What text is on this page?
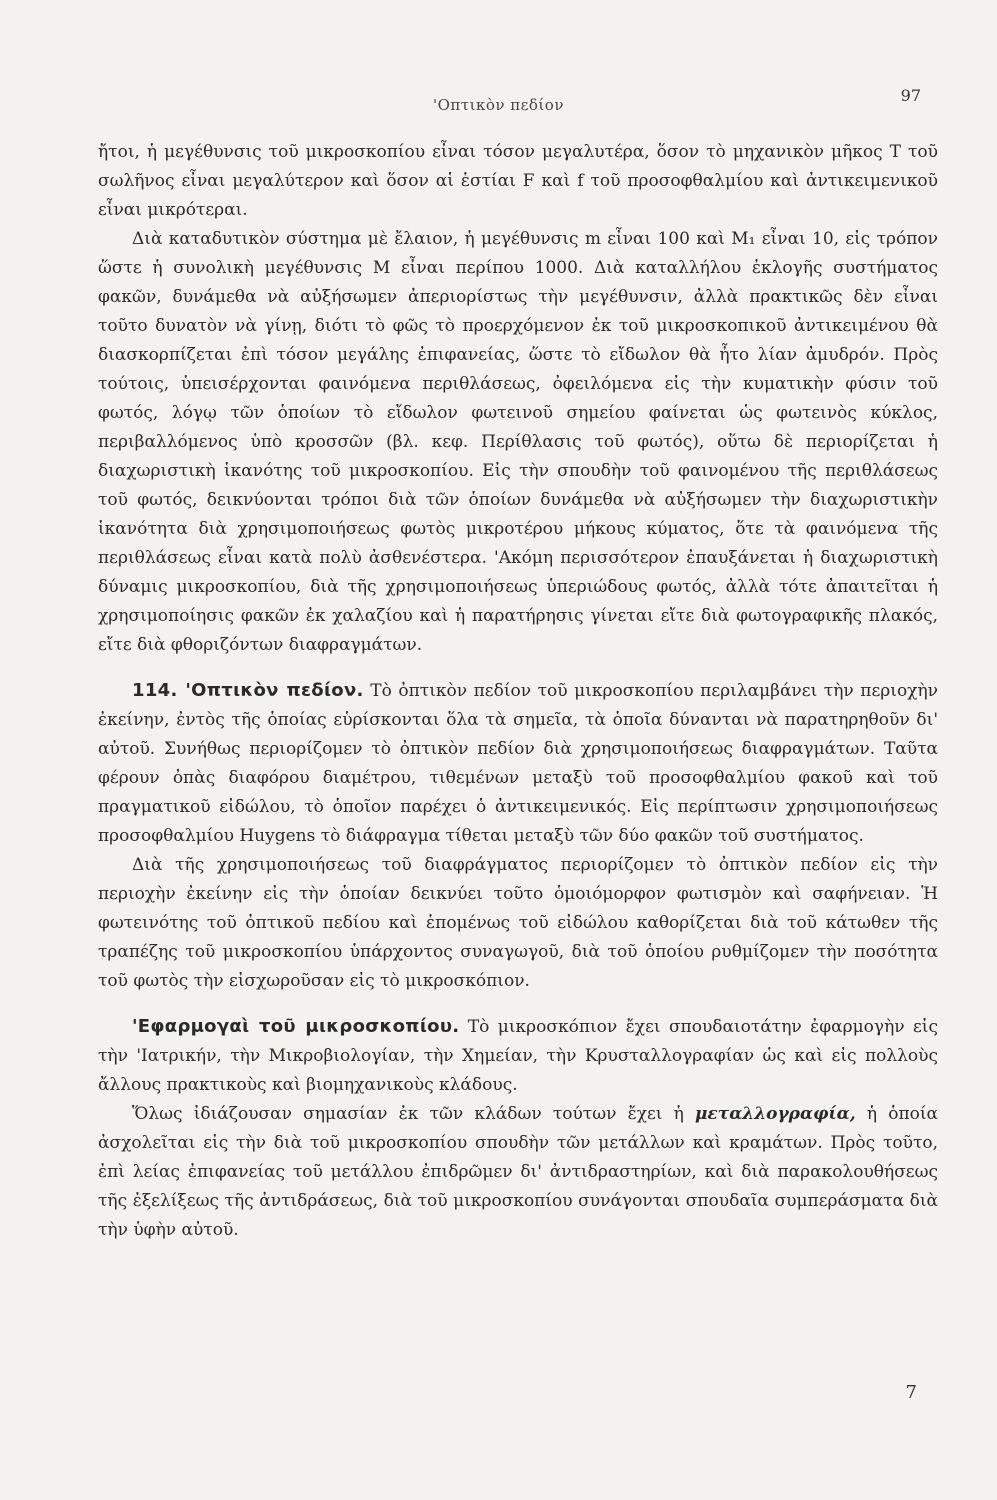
'Οπτικὸν πεδίον	97

ἤτοι, ἡ μεγέθυνσις τοῦ μικροσκοπίου εἶναι τόσον μεγαλυτέρα, ὅσον τὸ μηχανικὸν μῆκος Τ τοῦ σωλῆνος εἶναι μεγαλύτερον καὶ ὅσον αἱ ἑστίαι F καὶ f τοῦ προσοφθαλμίου καὶ ἀντικειμενικοῦ εἶναι μικρότεραι.

Διὰ καταδυτικὸν σύστημα μὲ ἔλαιον, ἡ μεγέθυνσις m εἶναι 100 καὶ M₁ εἶναι 10, εἰς τρόπον ὥστε ἡ συνολικὴ μεγέθυνσις M εἶναι περίπου 1000. Διὰ καταλλήλου ἐκλογῆς συστήματος φακῶν, δυνάμεθα νὰ αὐξήσωμεν ἀπεριορίστως τὴν μεγέθυνσιν, ἀλλὰ πρακτικῶς δὲν εἶναι τοῦτο δυνατὸν νὰ γίνῃ, διότι τὸ φῶς τὸ προερχόμενον ἐκ τοῦ μικροσκοπικοῦ ἀντικειμένου θὰ διασκορπίζεται ἐπὶ τόσον μεγάλης ἐπιφανείας, ὥστε τὸ εἴδωλον θὰ ἦτο λίαν ἀμυδρόν. Πρὸς τούτοις, ὑπεισέρχονται φαινόμενα περιθλάσεως, ὀφειλόμενα εἰς τὴν κυματικὴν φύσιν τοῦ φωτός, λόγῳ τῶν ὁποίων τὸ εἴδωλον φωτεινοῦ σημείου φαίνεται ὡς φωτεινὸς κύκλος, περιβαλλόμενος ὑπὸ κροσσῶν (βλ. κεφ. Περίθλασις τοῦ φωτός), οὕτω δὲ περιορίζεται ἡ διαχωριστικὴ ἱκανότης τοῦ μικροσκοπίου. Εἰς τὴν σπουδὴν τοῦ φαινομένου τῆς περιθλάσεως τοῦ φωτός, δεικνύονται τρόποι διὰ τῶν ὁποίων δυνάμεθα νὰ αὐξήσωμεν τὴν διαχωριστικὴν ἱκανότητα διὰ χρησιμοποιήσεως φωτὸς μικροτέρου μήκους κύματος, ὅτε τὰ φαινόμενα τῆς περιθλάσεως εἶναι κατὰ πολὺ ἀσθενέστερα. 'Ακόμη περισσότερον ἐπαυξάνεται ἡ διαχωριστικὴ δύναμις μικροσκοπίου, διὰ τῆς χρησιμοποιήσεως ὑπεριώδους φωτός, ἀλλὰ τότε ἀπαιτεῖται ἡ χρησιμοποίησις φακῶν ἐκ χαλαζίου καὶ ἡ παρατήρησις γίνεται εἴτε διὰ φωτογραφικῆς πλακός, εἴτε διὰ φθοριζόντων διαφραγμάτων.

114. 'Οπτικὸν πεδίον. Τὸ ὀπτικὸν πεδίον τοῦ μικροσκοπίου περιλαμβάνει τὴν περιοχὴν ἐκείνην, ἐντὸς τῆς ὁποίας εὑρίσκονται ὅλα τὰ σημεῖα, τὰ ὁποῖα δύνανται νὰ παρατηρηθοῦν δι' αὐτοῦ. Συνήθως περιορίζομεν τὸ ὀπτικὸν πεδίον διὰ χρησιμοποιήσεως διαφραγμάτων. Ταῦτα φέρουν ὀπὰς διαφόρου διαμέτρου, τιθεμένων μεταξὺ τοῦ προσοφθαλμίου φακοῦ καὶ τοῦ πραγματικοῦ εἰδώλου, τὸ ὁποῖον παρέχει ὁ ἀντικειμενικός. Εἰς περίπτωσιν χρησιμοποιήσεως προσοφθαλμίου Huygens τὸ διάφραγμα τίθεται μεταξὺ τῶν δύο φακῶν τοῦ συστήματος.

Διὰ τῆς χρησιμοποιήσεως τοῦ διαφράγματος περιορίζομεν τὸ ὀπτικὸν πεδίον εἰς τὴν περιοχὴν ἐκείνην εἰς τὴν ὁποίαν δεικνύει τοῦτο ὁμοιόμορφον φωτισμὸν καὶ σαφήνειαν. Ἡ φωτεινότης τοῦ ὀπτικοῦ πεδίου καὶ ἑπομένως τοῦ εἰδώλου καθορίζεται διὰ τοῦ κάτωθεν τῆς τραπέζης τοῦ μικροσκοπίου ὑπάρχοντος συναγωγοῦ, διὰ τοῦ ὁποίου ρυθμίζομεν τὴν ποσότητα τοῦ φωτὸς τὴν εἰσχωροῦσαν εἰς τὸ μικροσκόπιον.

'Εφαρμογαὶ τοῦ μικροσκοπίου. Τὸ μικροσκόπιον ἔχει σπουδαιοτάτην ἐφαρμογὴν εἰς τὴν 'Ιατρικήν, τὴν Μικροβιολογίαν, τὴν Χημείαν, τὴν Κρυσταλλογραφίαν ὡς καὶ εἰς πολλοὺς ἄλλους πρακτικοὺς καὶ βιομηχανικοὺς κλάδους.

Ὅλως ἰδιάζουσαν σημασίαν ἐκ τῶν κλάδων τούτων ἔχει ἡ μεταλλογραφία, ἡ ὁποία ἀσχολεῖται εἰς τὴν διὰ τοῦ μικροσκοπίου σπουδὴν τῶν μετάλλων καὶ κραμάτων. Πρὸς τοῦτο, ἐπὶ λείας ἐπιφανείας τοῦ μετάλλου ἐπιδρῶμεν δι' ἀντιδραστηρίων, καὶ διὰ παρακολουθήσεως τῆς ἐξελίξεως τῆς ἀντιδράσεως, διὰ τοῦ μικροσκοπίου συνάγονται σπουδαῖα συμπεράσματα διὰ τὴν ὑφὴν αὐτοῦ.

7
